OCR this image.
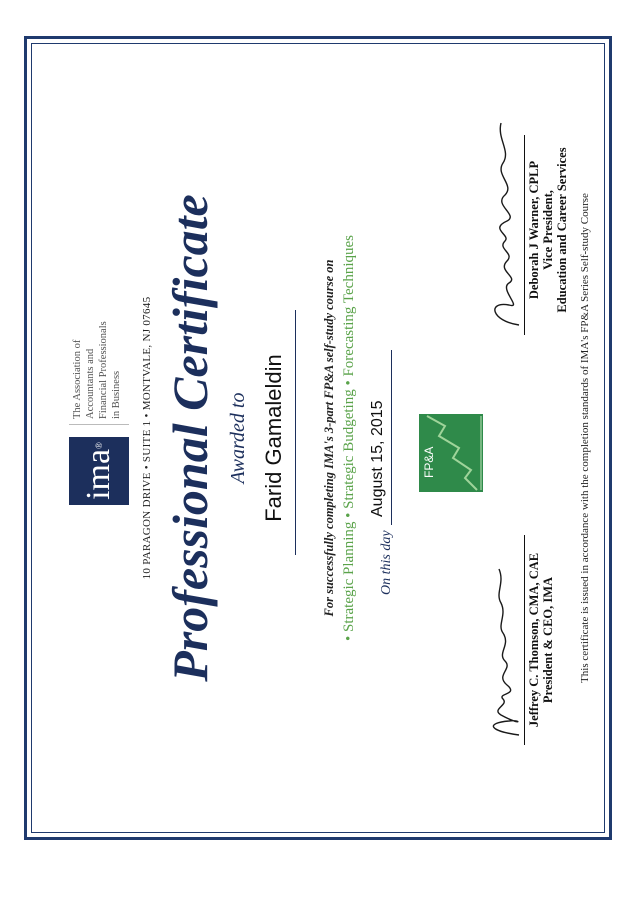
ima
®
The Association of Accountants and Financial Professionals in Business 10 PARAGON DRIVE • SUITE 1 • MONTVALE, NJ 07645 Professional Certificate Awarded to Farid Gamaleldin	For successfully completing IMA's 3-part FP&A self-study course on • Strategic Planning • Strategic Budgeting • Forecasting Techniques On this day
August 15, 2015	FP&A
Jeffrey C. Thomson, CMA, CAE President & CEO, IMA
Deborah J Warner, CPLP Vice President, Education and Career Services This certificate is issued in accordance with the completion standards of IMA's FP&A Series Self-study Course
